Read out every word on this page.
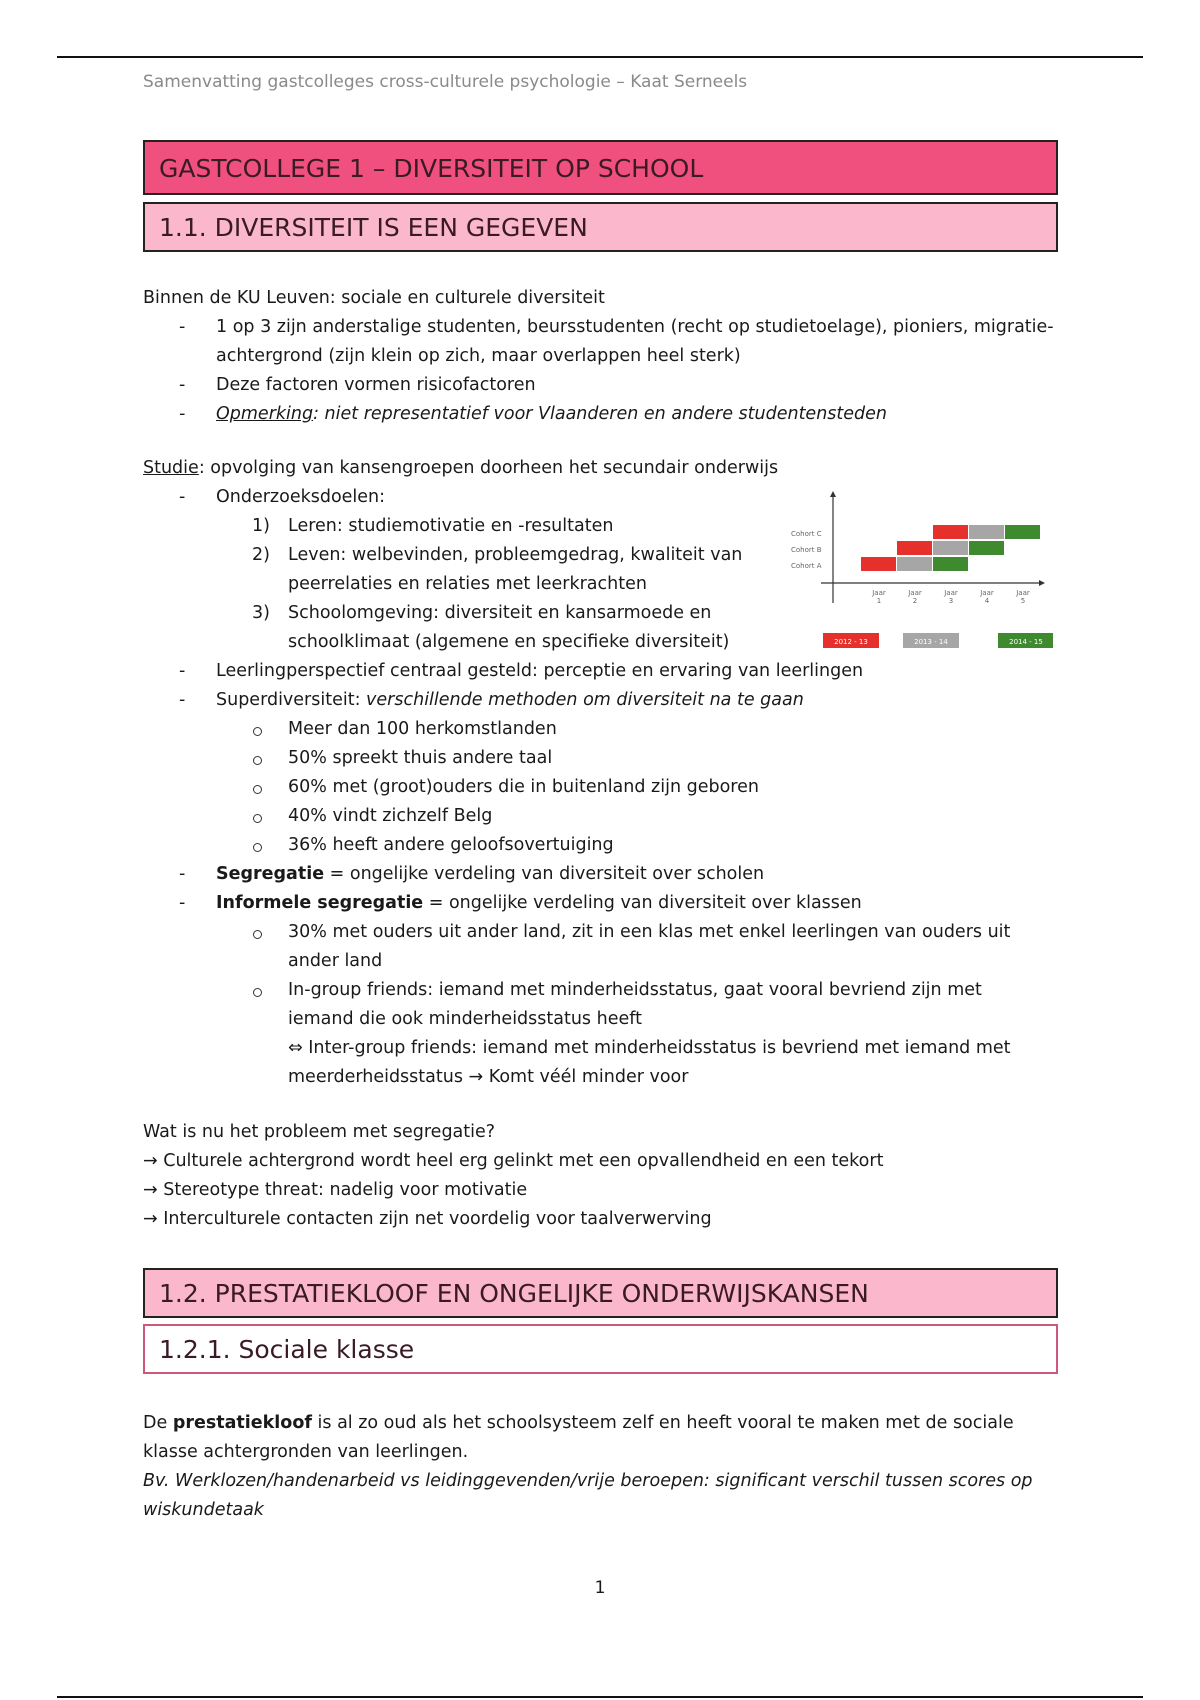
Samenvatting gastcolleges cross-culturele psychologie – Kaat Serneels
GASTCOLLEGE 1 – DIVERSITEIT OP SCHOOL
1.1. DIVERSITEIT IS EEN GEGEVEN

Binnen de KU Leuven: sociale en culturele diversiteit

- 1 op 3 zijn anderstalige studenten, beursstudenten (recht op studietoelage), pioniers, migratie-achtergrond (zijn klein op zich, maar overlappen heel sterk)
- Deze factoren vormen risicofactoren
- Opmerking: niet representatief voor Vlaanderen en andere studentensteden

Studie: opvolging van kansengroepen doorheen het secundair onderwijs

- Onderzoeksdoelen:
1) Leren: studiemotivatie en -resultaten
2) Leven: welbevinden, probleemgedrag, kwaliteit van
peerrelaties en relaties met leerkrachten
3) Schoolomgeving: diversiteit en kansarmoede en
schoolklimaat (algemene en specifieke diversiteit)
Cohort C
Cohort B
Cohort A
Jaar
1
Jaar
2
Jaar
3
Jaar
4
Jaar
5
2012 - 13	2013 - 14	2014 - 15
- Leerlingperspectief centraal gesteld: perceptie en ervaring van leerlingen
- Superdiversiteit: verschillende methoden om diversiteit na te gaan
Meer dan 100 herkomstlanden
50% spreekt thuis andere taal
60% met (groot)ouders die in buitenland zijn geboren
40% vindt zichzelf Belg
36% heeft andere geloofsovertuiging
- Segregatie = ongelijke verdeling van diversiteit over scholen
- Informele segregatie = ongelijke verdeling van diversiteit over klassen
30% met ouders uit ander land, zit in een klas met enkel leerlingen van ouders uit
ander land
In-group friends: iemand met minderheidsstatus, gaat vooral bevriend zijn met
iemand die ook minderheidsstatus heeft
⇔ Inter-group friends: iemand met minderheidsstatus is bevriend met iemand met
meerderheidsstatus → Komt véél minder voor

Wat is nu het probleem met segregatie?

→ Culturele achtergrond wordt heel erg gelinkt met een opvallendheid en een tekort

→ Stereotype threat: nadelig voor motivatie

→ Interculturele contacten zijn net voordelig voor taalverwerving

1.2. PRESTATIEKLOOF EN ONGELIJKE ONDERWIJSKANSEN
1.2.1. Sociale klasse

De prestatiekloof is al zo oud als het schoolsysteem zelf en heeft vooral te maken met de sociale
klasse achtergronden van leerlingen.

Bv. Werklozen/handenarbeid vs leidinggevenden/vrije beroepen: significant verschil tussen scores op
wiskundetaak

1
